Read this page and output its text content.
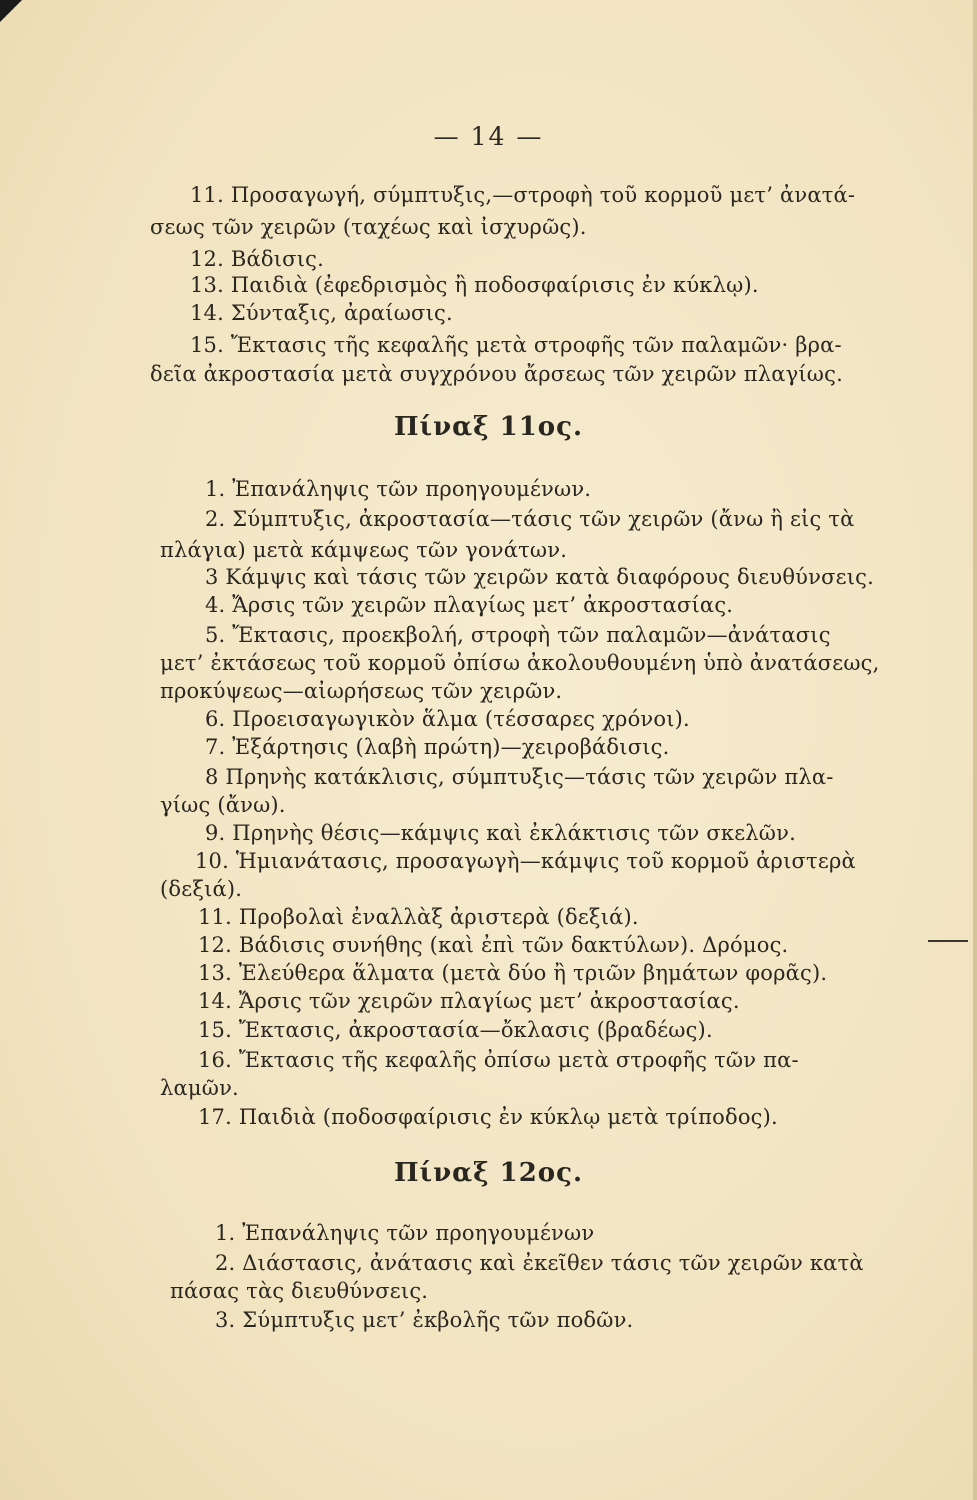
— 14 —
11. Προσαγωγή, σύμπτυξις,—στροφὴ τοῦ κορμοῦ μετ’ ἀνατά-
σεως τῶν χειρῶν (ταχέως καὶ ἰσχυρῶς).
12. Βάδισις.
13. Παιδιὰ (ἐφεδρισμὸς ἢ ποδοσφαίρισις ἐν κύκλῳ).
14. Σύνταξις, ἀραίωσις.
15. Ἔκτασις τῆς κεφαλῆς μετὰ στροφῆς τῶν παλαμῶν· βρα-
δεῖα ἀκροστασία μετὰ συγχρόνου ἄρσεως τῶν χειρῶν πλαγίως.
Πίναξ 11ος.
1. Ἐπανάληψις τῶν προηγουμένων.
2. Σύμπτυξις, ἀκροστασία—τάσις τῶν χειρῶν (ἄνω ἢ εἰς τὰ
πλάγια) μετὰ κάμψεως τῶν γονάτων.
3 Κάμψις καὶ τάσις τῶν χειρῶν κατὰ διαφόρους διευθύνσεις.
4. Ἄρσις τῶν χειρῶν πλαγίως μετ’ ἀκροστασίας.
5. Ἔκτασις, προεκβολή, στροφὴ τῶν παλαμῶν—ἀνάτασις
μετ’ ἐκτάσεως τοῦ κορμοῦ ὀπίσω ἀκολουθουμένη ὑπὸ ἀνατάσεως,
προκύψεως—αἰωρήσεως τῶν χειρῶν.
6. Προεισαγωγικὸν ἅλμα (τέσσαρες χρόνοι).
7. Ἐξάρτησις (λαβὴ πρώτη)—χειροβάδισις.
8 Πρηνὴς κατάκλισις, σύμπτυξις—τάσις τῶν χειρῶν πλα-
γίως (ἄνω).
9. Πρηνὴς θέσις—κάμψις καὶ ἐκλάκτισις τῶν σκελῶν.
10. Ἡμιανάτασις, προσαγωγὴ—κάμψις τοῦ κορμοῦ ἀριστερὰ
(δεξιά).
11. Προβολαὶ ἐναλλὰξ ἀριστερὰ (δεξιά).
12. Βάδισις συνήθης (καὶ ἐπὶ τῶν δακτύλων). Δρόμος.
13. Ἐλεύθερα ἅλματα (μετὰ δύο ἢ τριῶν βημάτων φορᾶς).
14. Ἄρσις τῶν χειρῶν πλαγίως μετ’ ἀκροστασίας.
15. Ἔκτασις, ἀκροστασία—ὄκλασις (βραδέως).
16. Ἔκτασις τῆς κεφαλῆς ὀπίσω μετὰ στροφῆς τῶν πα-
λαμῶν.
17. Παιδιὰ (ποδοσφαίρισις ἐν κύκλῳ μετὰ τρίποδος).
Πίναξ 12ος.
1. Ἐπανάληψις τῶν προηγουμένων
2. Διάστασις, ἀνάτασις καὶ ἐκεῖθεν τάσις τῶν χειρῶν κατὰ
πάσας τὰς διευθύνσεις.
3. Σύμπτυξις μετ’ ἐκβολῆς τῶν ποδῶν.
